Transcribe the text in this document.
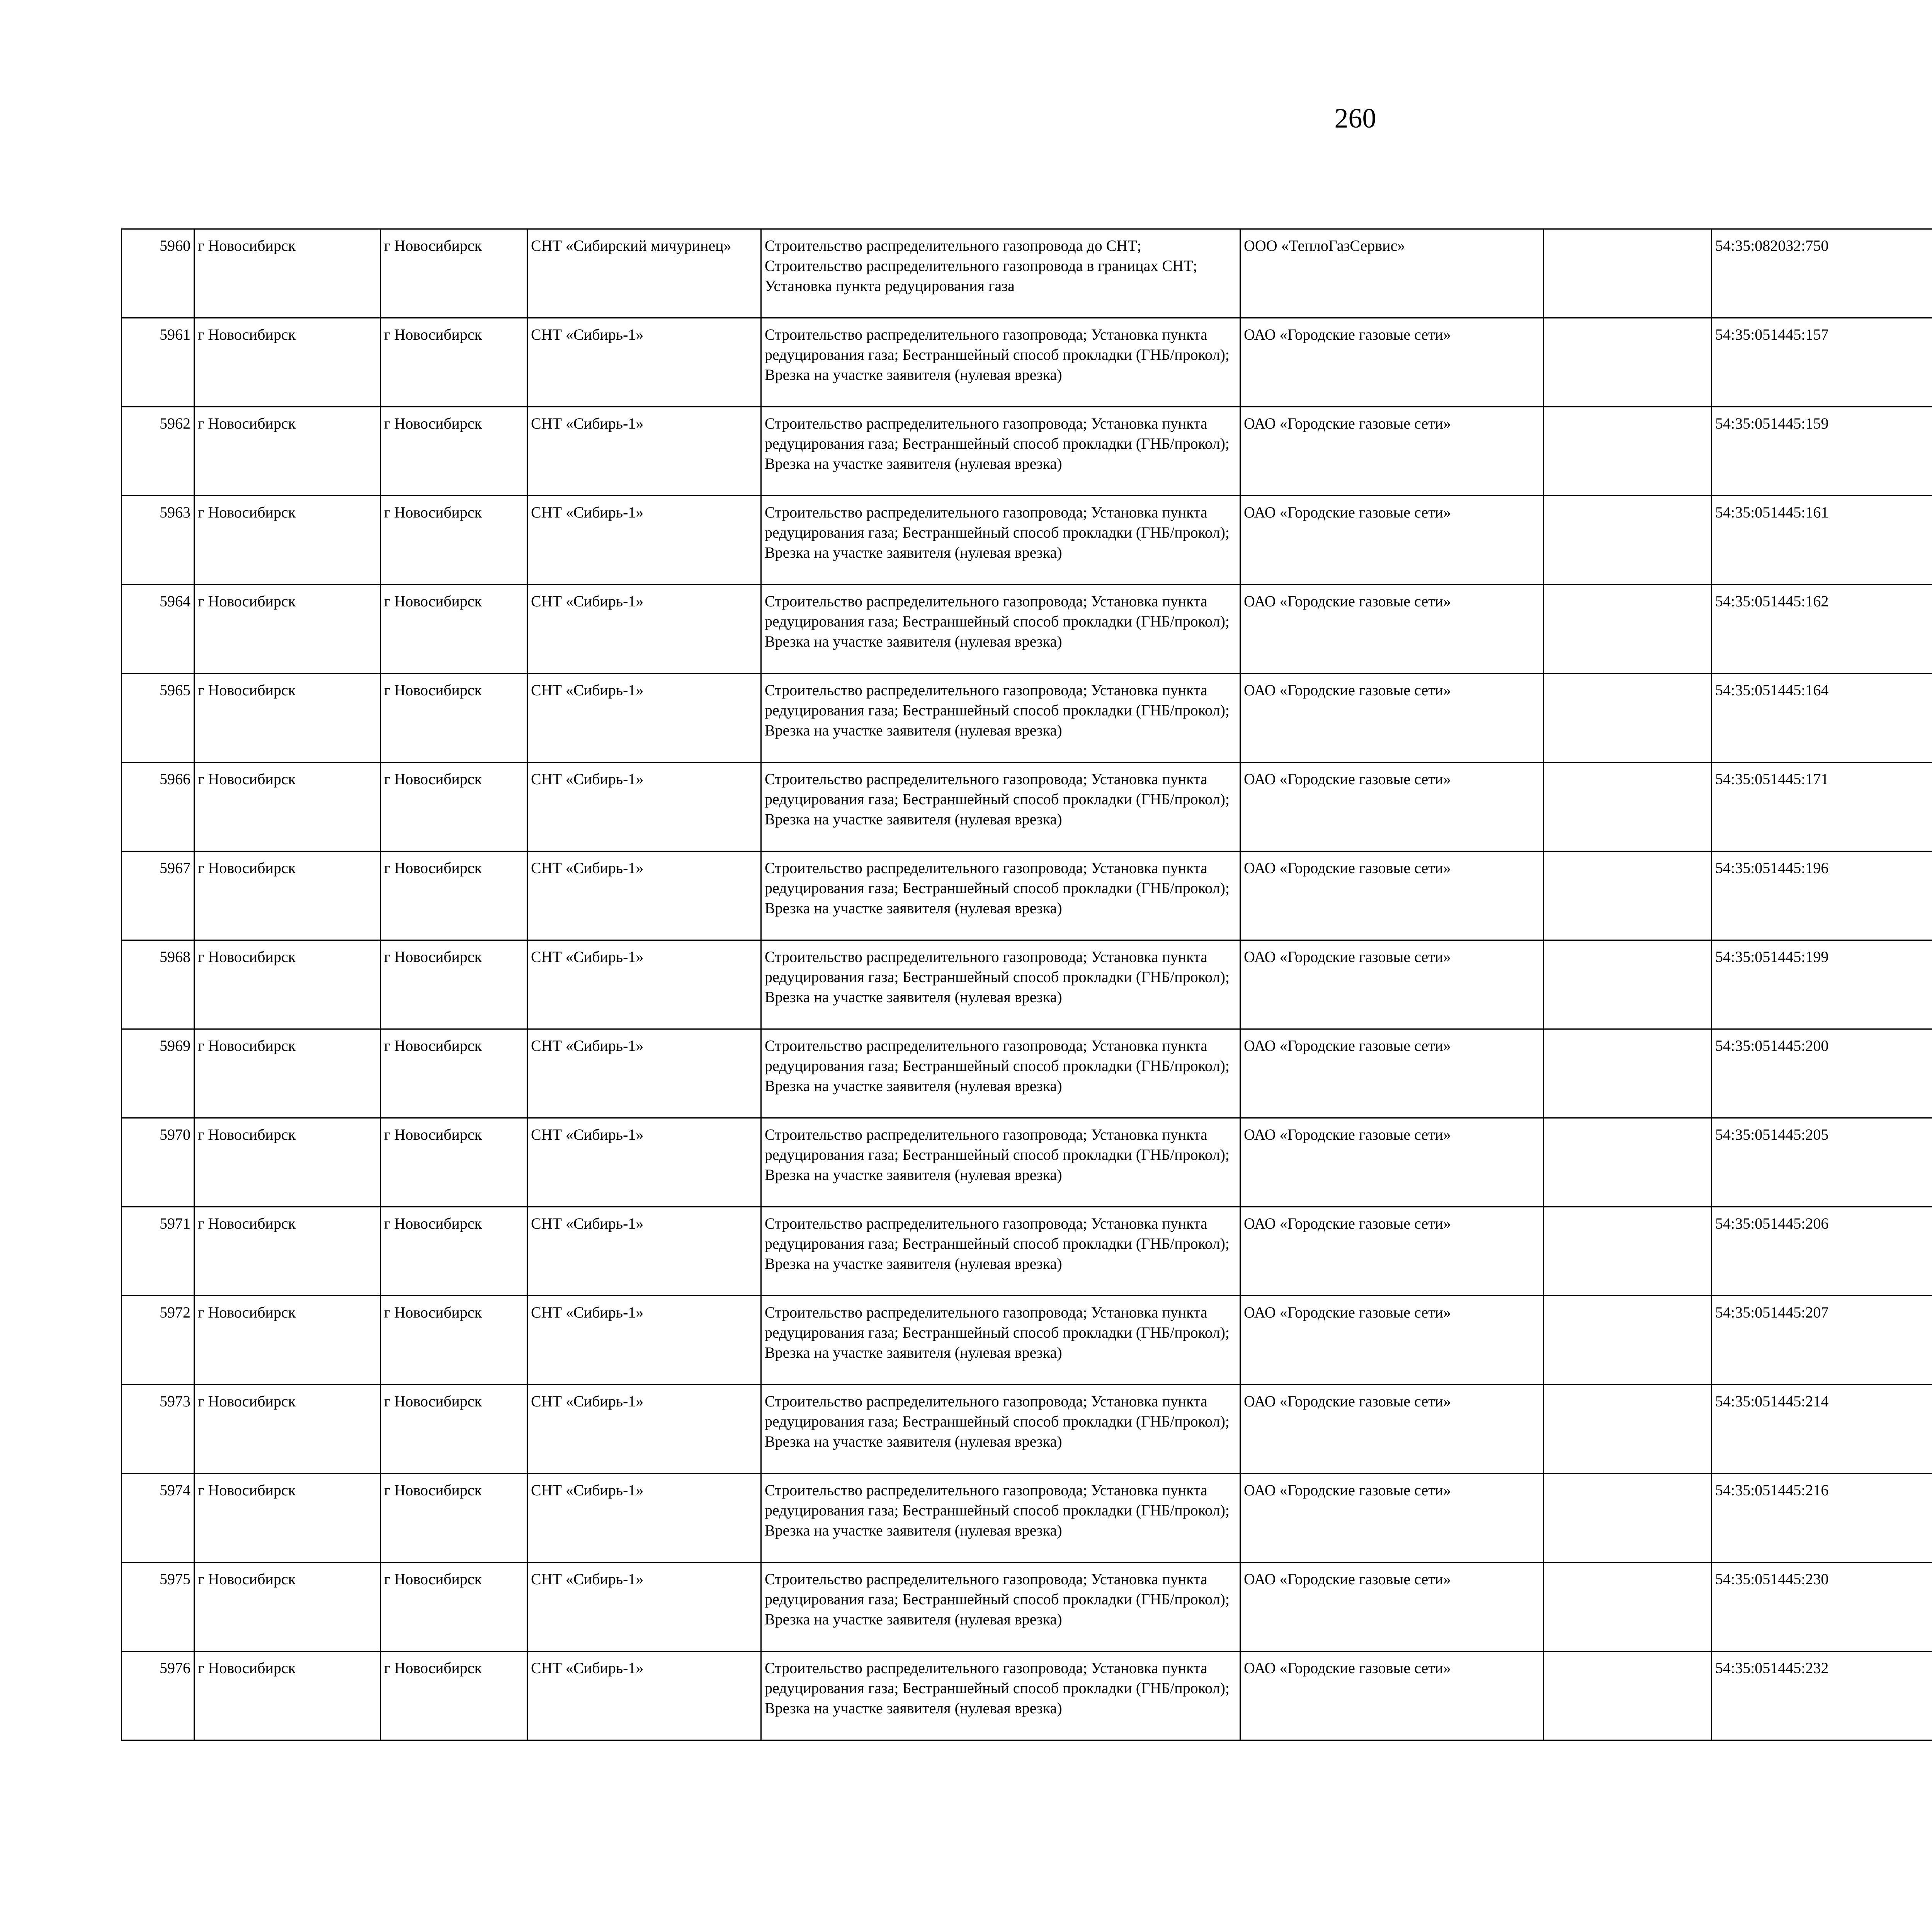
260
5960	г Новосибирск	г Новосибирск	СНТ «Сибирский мичуринец»	Строительство распределительного газопровода до СНТ; Строительство распределительного газопровода в границах СНТ; Установка пункта редуцирования газа	ООО «ТеплоГазСервис»		54:35:082032:750					
5961	г Новосибирск	г Новосибирск	СНТ «Сибирь-1»	Строительство распределительного газопровода; Установка пункта редуцирования газа; Бестраншейный способ прокладки (ГНБ/прокол); Врезка на участке заявителя (нулевая врезка)	ОАО «Городские газовые сети»		54:35:051445:157					
5962	г Новосибирск	г Новосибирск	СНТ «Сибирь-1»	Строительство распределительного газопровода; Установка пункта редуцирования газа; Бестраншейный способ прокладки (ГНБ/прокол); Врезка на участке заявителя (нулевая врезка)	ОАО «Городские газовые сети»		54:35:051445:159					
5963	г Новосибирск	г Новосибирск	СНТ «Сибирь-1»	Строительство распределительного газопровода; Установка пункта редуцирования газа; Бестраншейный способ прокладки (ГНБ/прокол); Врезка на участке заявителя (нулевая врезка)	ОАО «Городские газовые сети»		54:35:051445:161					
5964	г Новосибирск	г Новосибирск	СНТ «Сибирь-1»	Строительство распределительного газопровода; Установка пункта редуцирования газа; Бестраншейный способ прокладки (ГНБ/прокол); Врезка на участке заявителя (нулевая врезка)	ОАО «Городские газовые сети»		54:35:051445:162					
5965	г Новосибирск	г Новосибирск	СНТ «Сибирь-1»	Строительство распределительного газопровода; Установка пункта редуцирования газа; Бестраншейный способ прокладки (ГНБ/прокол); Врезка на участке заявителя (нулевая врезка)	ОАО «Городские газовые сети»		54:35:051445:164					
5966	г Новосибирск	г Новосибирск	СНТ «Сибирь-1»	Строительство распределительного газопровода; Установка пункта редуцирования газа; Бестраншейный способ прокладки (ГНБ/прокол); Врезка на участке заявителя (нулевая врезка)	ОАО «Городские газовые сети»		54:35:051445:171					
5967	г Новосибирск	г Новосибирск	СНТ «Сибирь-1»	Строительство распределительного газопровода; Установка пункта редуцирования газа; Бестраншейный способ прокладки (ГНБ/прокол); Врезка на участке заявителя (нулевая врезка)	ОАО «Городские газовые сети»		54:35:051445:196					
5968	г Новосибирск	г Новосибирск	СНТ «Сибирь-1»	Строительство распределительного газопровода; Установка пункта редуцирования газа; Бестраншейный способ прокладки (ГНБ/прокол); Врезка на участке заявителя (нулевая врезка)	ОАО «Городские газовые сети»		54:35:051445:199					
5969	г Новосибирск	г Новосибирск	СНТ «Сибирь-1»	Строительство распределительного газопровода; Установка пункта редуцирования газа; Бестраншейный способ прокладки (ГНБ/прокол); Врезка на участке заявителя (нулевая врезка)	ОАО «Городские газовые сети»		54:35:051445:200					
5970	г Новосибирск	г Новосибирск	СНТ «Сибирь-1»	Строительство распределительного газопровода; Установка пункта редуцирования газа; Бестраншейный способ прокладки (ГНБ/прокол); Врезка на участке заявителя (нулевая врезка)	ОАО «Городские газовые сети»		54:35:051445:205					
5971	г Новосибирск	г Новосибирск	СНТ «Сибирь-1»	Строительство распределительного газопровода; Установка пункта редуцирования газа; Бестраншейный способ прокладки (ГНБ/прокол); Врезка на участке заявителя (нулевая врезка)	ОАО «Городские газовые сети»		54:35:051445:206					
5972	г Новосибирск	г Новосибирск	СНТ «Сибирь-1»	Строительство распределительного газопровода; Установка пункта редуцирования газа; Бестраншейный способ прокладки (ГНБ/прокол); Врезка на участке заявителя (нулевая врезка)	ОАО «Городские газовые сети»		54:35:051445:207					
5973	г Новосибирск	г Новосибирск	СНТ «Сибирь-1»	Строительство распределительного газопровода; Установка пункта редуцирования газа; Бестраншейный способ прокладки (ГНБ/прокол); Врезка на участке заявителя (нулевая врезка)	ОАО «Городские газовые сети»		54:35:051445:214					
5974	г Новосибирск	г Новосибирск	СНТ «Сибирь-1»	Строительство распределительного газопровода; Установка пункта редуцирования газа; Бестраншейный способ прокладки (ГНБ/прокол); Врезка на участке заявителя (нулевая врезка)	ОАО «Городские газовые сети»		54:35:051445:216					
5975	г Новосибирск	г Новосибирск	СНТ «Сибирь-1»	Строительство распределительного газопровода; Установка пункта редуцирования газа; Бестраншейный способ прокладки (ГНБ/прокол); Врезка на участке заявителя (нулевая врезка)	ОАО «Городские газовые сети»		54:35:051445:230					
5976	г Новосибирск	г Новосибирск	СНТ «Сибирь-1»	Строительство распределительного газопровода; Установка пункта редуцирования газа; Бестраншейный способ прокладки (ГНБ/прокол); Врезка на участке заявителя (нулевая врезка)	ОАО «Городские газовые сети»		54:35:051445:232					
